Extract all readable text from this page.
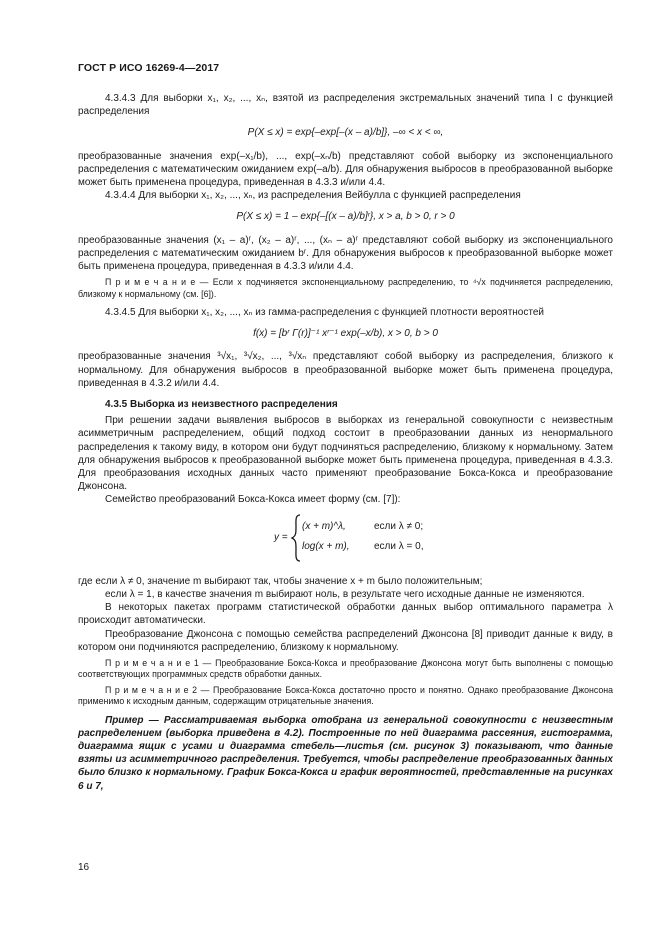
ГОСТ Р ИСО 16269-4—2017

4.3.4.3 Для выборки x₁, x₂, ..., xₙ, взятой из распределения экстремальных значений типа I с функцией распределения

P(X ≤ x) = exp{–exp[–(x – a)/b]}, –∞ < x < ∞,

преобразованные значения exp(–x₁/b), ..., exp(–xₙ/b) представляют собой выборку из экспоненциального распределения с математическим ожиданием exp(–a/b). Для обнаружения выбросов в преобразованной выборке может быть применена процедура, приведенная в 4.3.3 и/или 4.4.

4.3.4.4 Для выборки x₁, x₂, ..., xₙ, из распределения Вейбулла с функцией распределения

P(X ≤ x) = 1 – exp{–[(x – a)/b]ʳ}, x > a, b > 0, r > 0

преобразованные значения (x₁ – a)ʳ, (x₂ – a)ʳ, ..., (xₙ – a)ʳ представляют собой выборку из экспоненциального распределения с математическим ожиданием bʳ. Для обнаружения выбросов к преобразованной выборке может быть применена процедура, приведенная в 4.3.3 и/или 4.4.

П р и м е ч а н и е — Если x подчиняется экспоненциальному распределению, то ⁴√x подчиняется распределению, близкому к нормальному (см. [6]).

4.3.4.5 Для выборки x₁, x₂, ..., xₙ из гамма-распределения с функцией плотности вероятностей

f(x) = [bʳ Γ(r)]⁻¹ xʳ⁻¹ exp(–x/b), x > 0, b > 0

преобразованные значения ³√x₁, ³√x₂, ..., ³√xₙ представляют собой выборку из распределения, близкого к нормальному. Для обнаружения выбросов в преобразованной выборке может быть применена процедура, приведенная в 4.3.2 и/или 4.4.

4.3.5 Выборка из неизвестного распределения

При решении задачи выявления выбросов в выборках из генеральной совокупности с неизвестным асимметричным распределением, общий подход состоит в преобразовании данных из ненормального распределения к такому виду, в котором они будут подчиняться распределению, близкому к нормальному. Затем для обнаружения выбросов к преобразованной выборке может быть применена процедура, приведенная в 4.3.3. Для преобразования исходных данных часто применяют преобразование Бокса-Кокса и преобразование Джонсона.

Семейство преобразований Бокса-Кокса имеет форму (см. [7]):

y =
(x + m)^λ,	если λ ≠ 0;
log(x + m), если λ = 0,

где если λ ≠ 0, значение m выбирают так, чтобы значение x + m было положительным;

если λ = 1, в качестве значения m выбирают ноль, в результате чего исходные данные не изменяются.

В некоторых пакетах программ статистической обработки данных выбор оптимального параметра λ происходит автоматически.

Преобразование Джонсона с помощью семейства распределений Джонсона [8] приводит данные к виду, в котором они подчиняются распределению, близкому к нормальному.

П р и м е ч а н и е 1 — Преобразование Бокса-Кокса и преобразование Джонсона могут быть выполнены с помощью соответствующих программных средств обработки данных.

П р и м е ч а н и е 2 — Преобразование Бокса-Кокса достаточно просто и понятно. Однако преобразование Джонсона применимо к исходным данным, содержащим отрицательные значения.

Пример — Рассматриваемая выборка отобрана из генеральной совокупности с неизвестным распределением (выборка приведена в 4.2). Построенные по ней диаграмма рассеяния, гистограмма, диаграмма ящик с усами и диаграмма стебель—листья (см. рисунок 3) показывают, что данные взяты из асимметричного распределения. Требуется, чтобы распределение преобразованных данных было близко к нормальному. График Бокса-Кокса и график вероятностей, представленные на рисунках 6 и 7,

16
